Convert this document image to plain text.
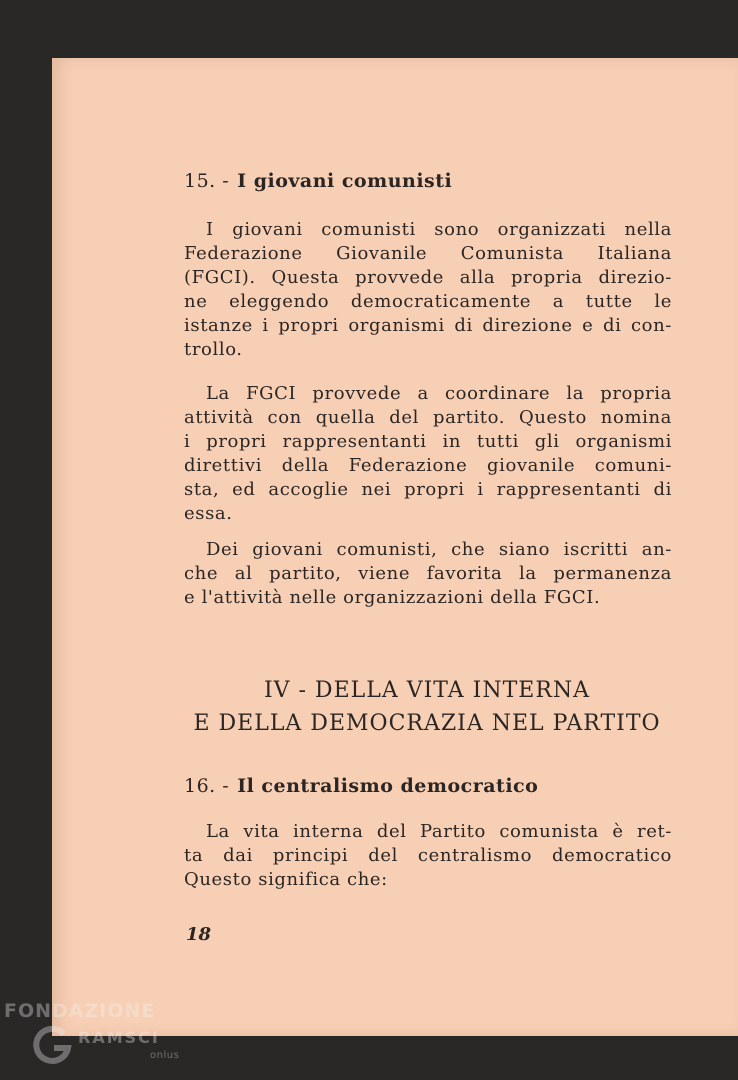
15. - I giovani comunisti
I giovani comunisti sono organizzati nella
Federazione Giovanile Comunista Italiana
(FGCI). Questa provvede alla propria direzio-
ne eleggendo democraticamente a tutte le
istanze i propri organismi di direzione e di con-
trollo.
La FGCI provvede a coordinare la propria
attività con quella del partito. Questo nomina
i propri rappresentanti in tutti gli organismi
direttivi della Federazione giovanile comuni-
sta, ed accoglie nei propri i rappresentanti di
essa.
Dei giovani comunisti, che siano iscritti an-
che al partito, viene favorita la permanenza
e l'attività nelle organizzazioni della FGCI.
IV - DELLA VITA INTERNA
E DELLA DEMOCRAZIA NEL PARTITO
16. - Il centralismo democratico
La vita interna del Partito comunista è ret-
ta dai principi del centralismo democratico
Questo significa che:
18
FONDAZIONE
RAMSCI
onlus
